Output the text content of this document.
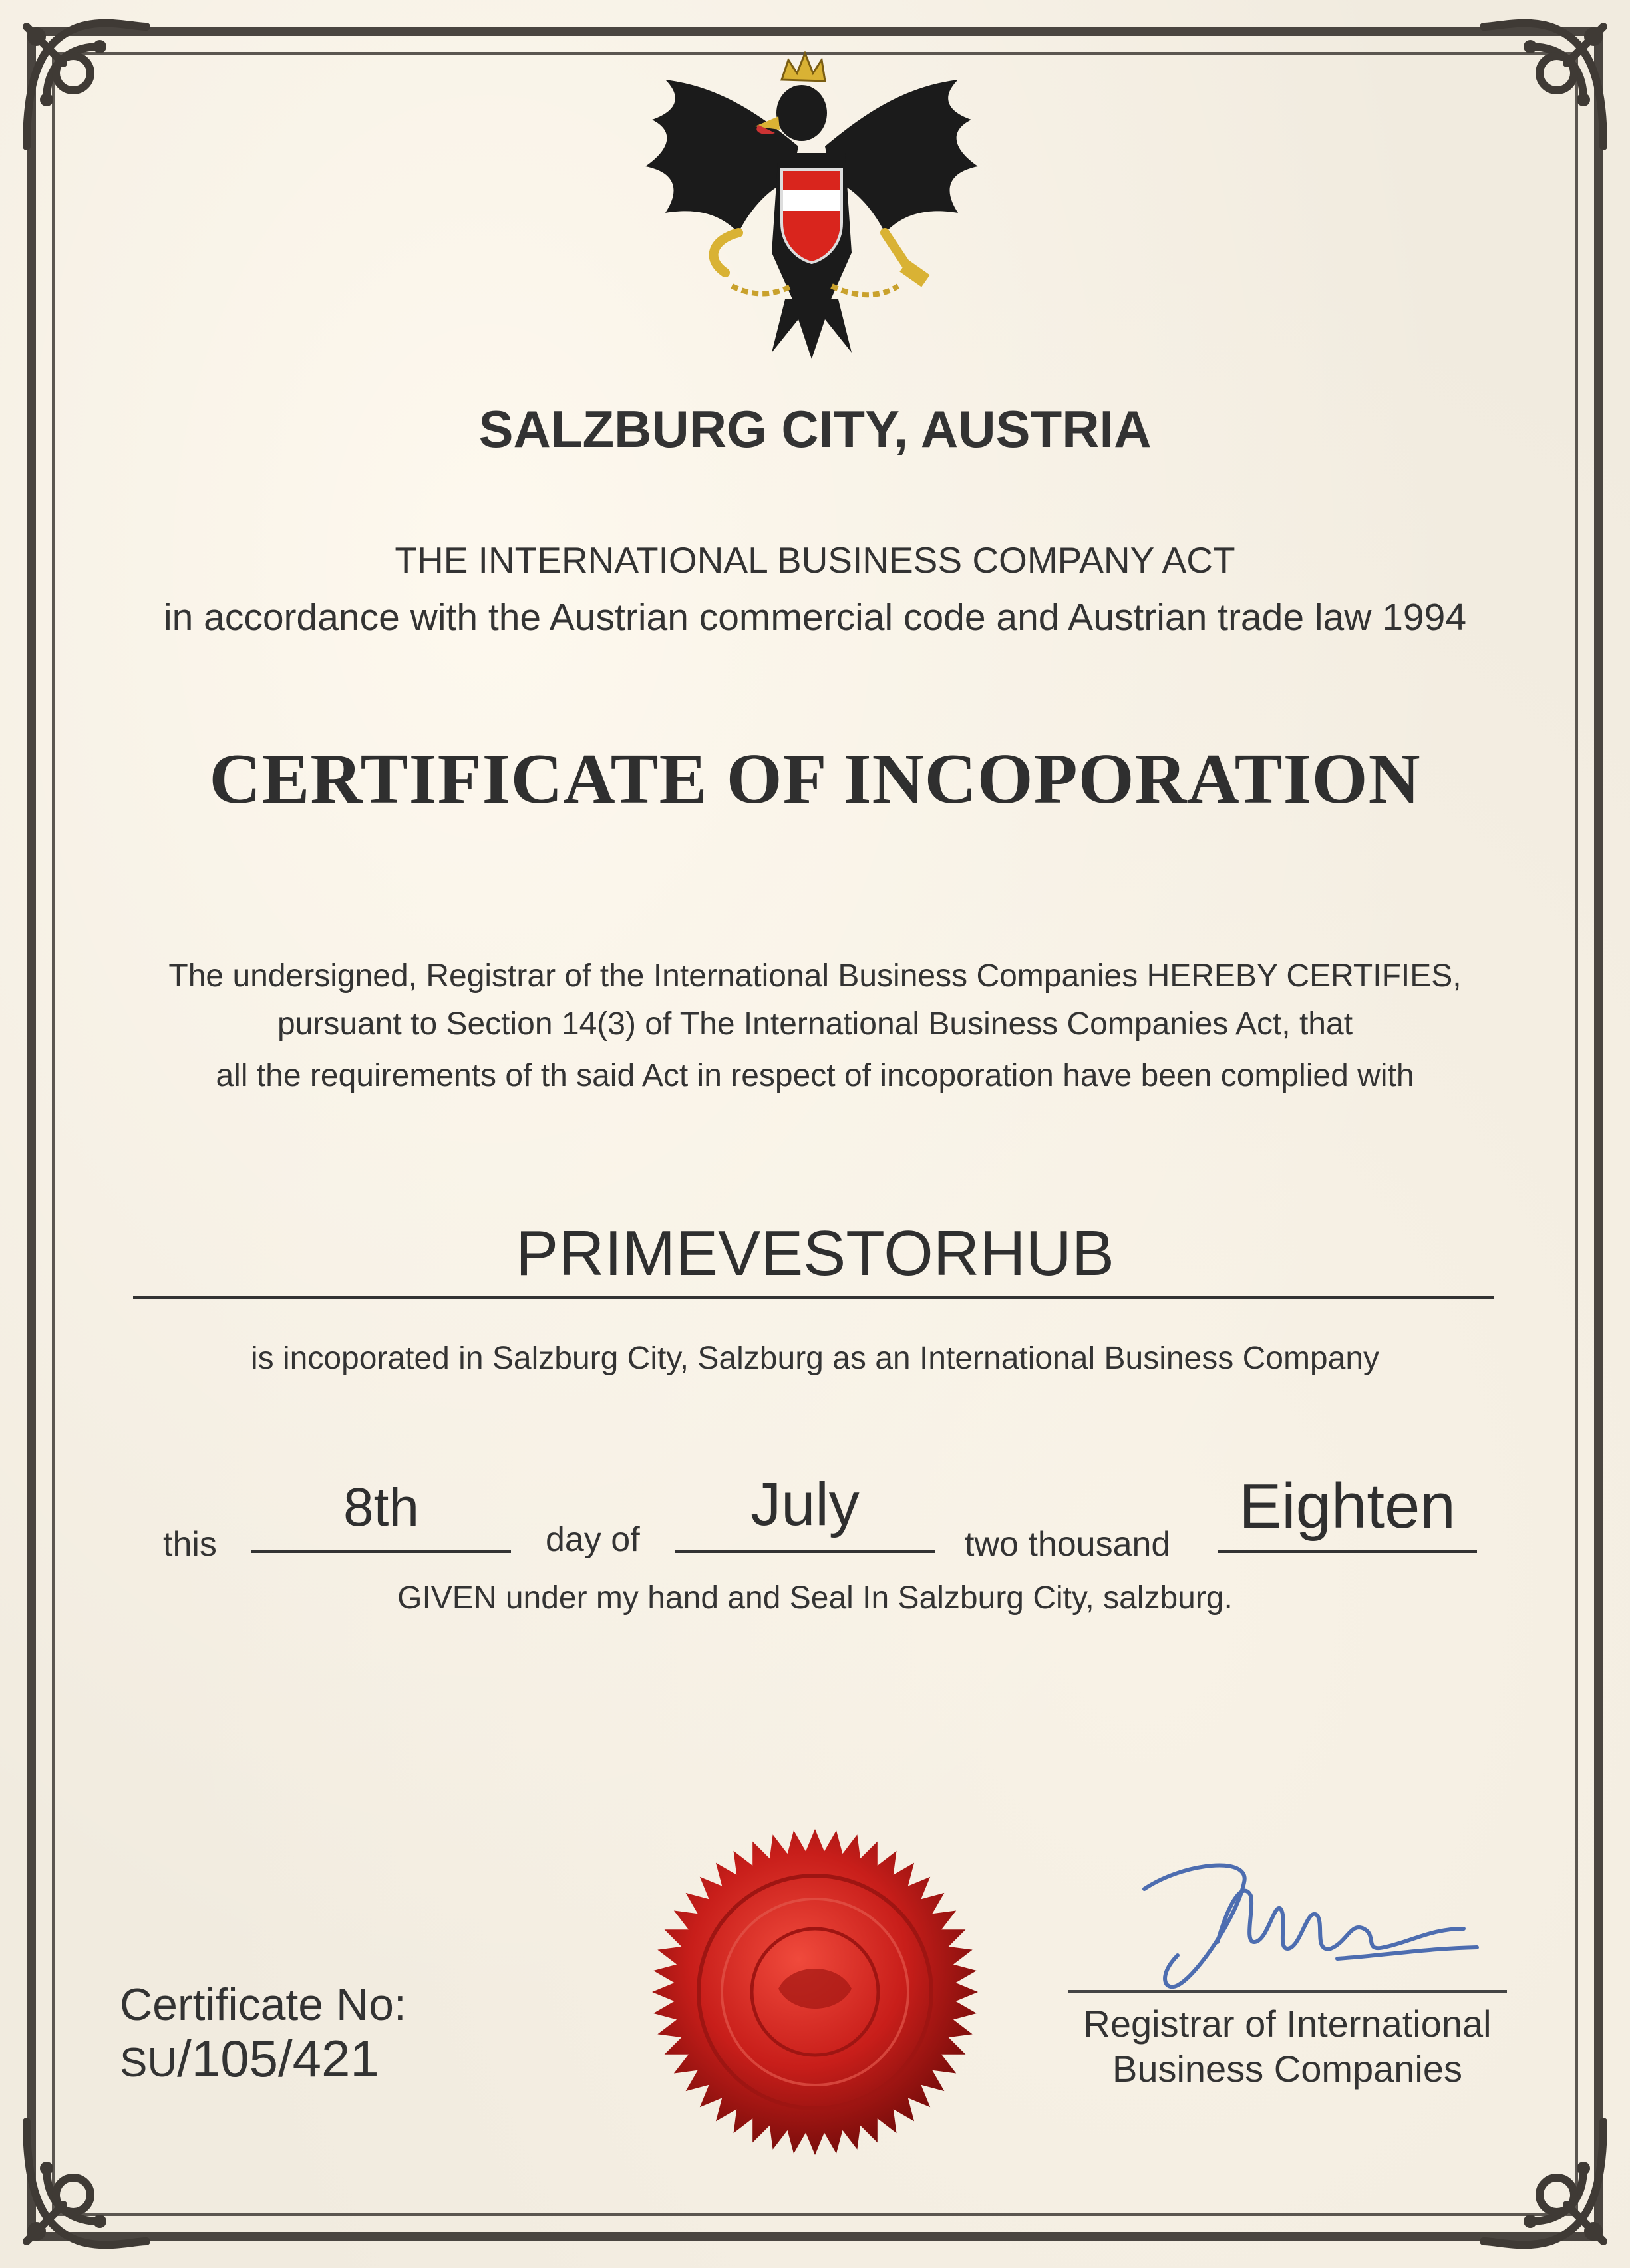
SALZBURG CITY, AUSTRIA
THE INTERNATIONAL BUSINESS COMPANY ACT
in accordance with the Austrian commercial code and Austrian trade law 1994
CERTIFICATE OF INCOPORATION
The undersigned, Registrar of the International Business Companies HEREBY CERTIFIES,
pursuant to Section 14(3) of The International Business Companies Act, that
all the requirements of th said Act in respect of incoporation have been complied with
PRIMEVESTORHUB
is incoporated in Salzburg City, Salzburg as an International Business Company
this
8th
day of
July
two thousand
Eighten
GIVEN under my hand and Seal In Salzburg City, salzburg.
Certificate No:
SU/105/421
Registrar of International
Business Companies
